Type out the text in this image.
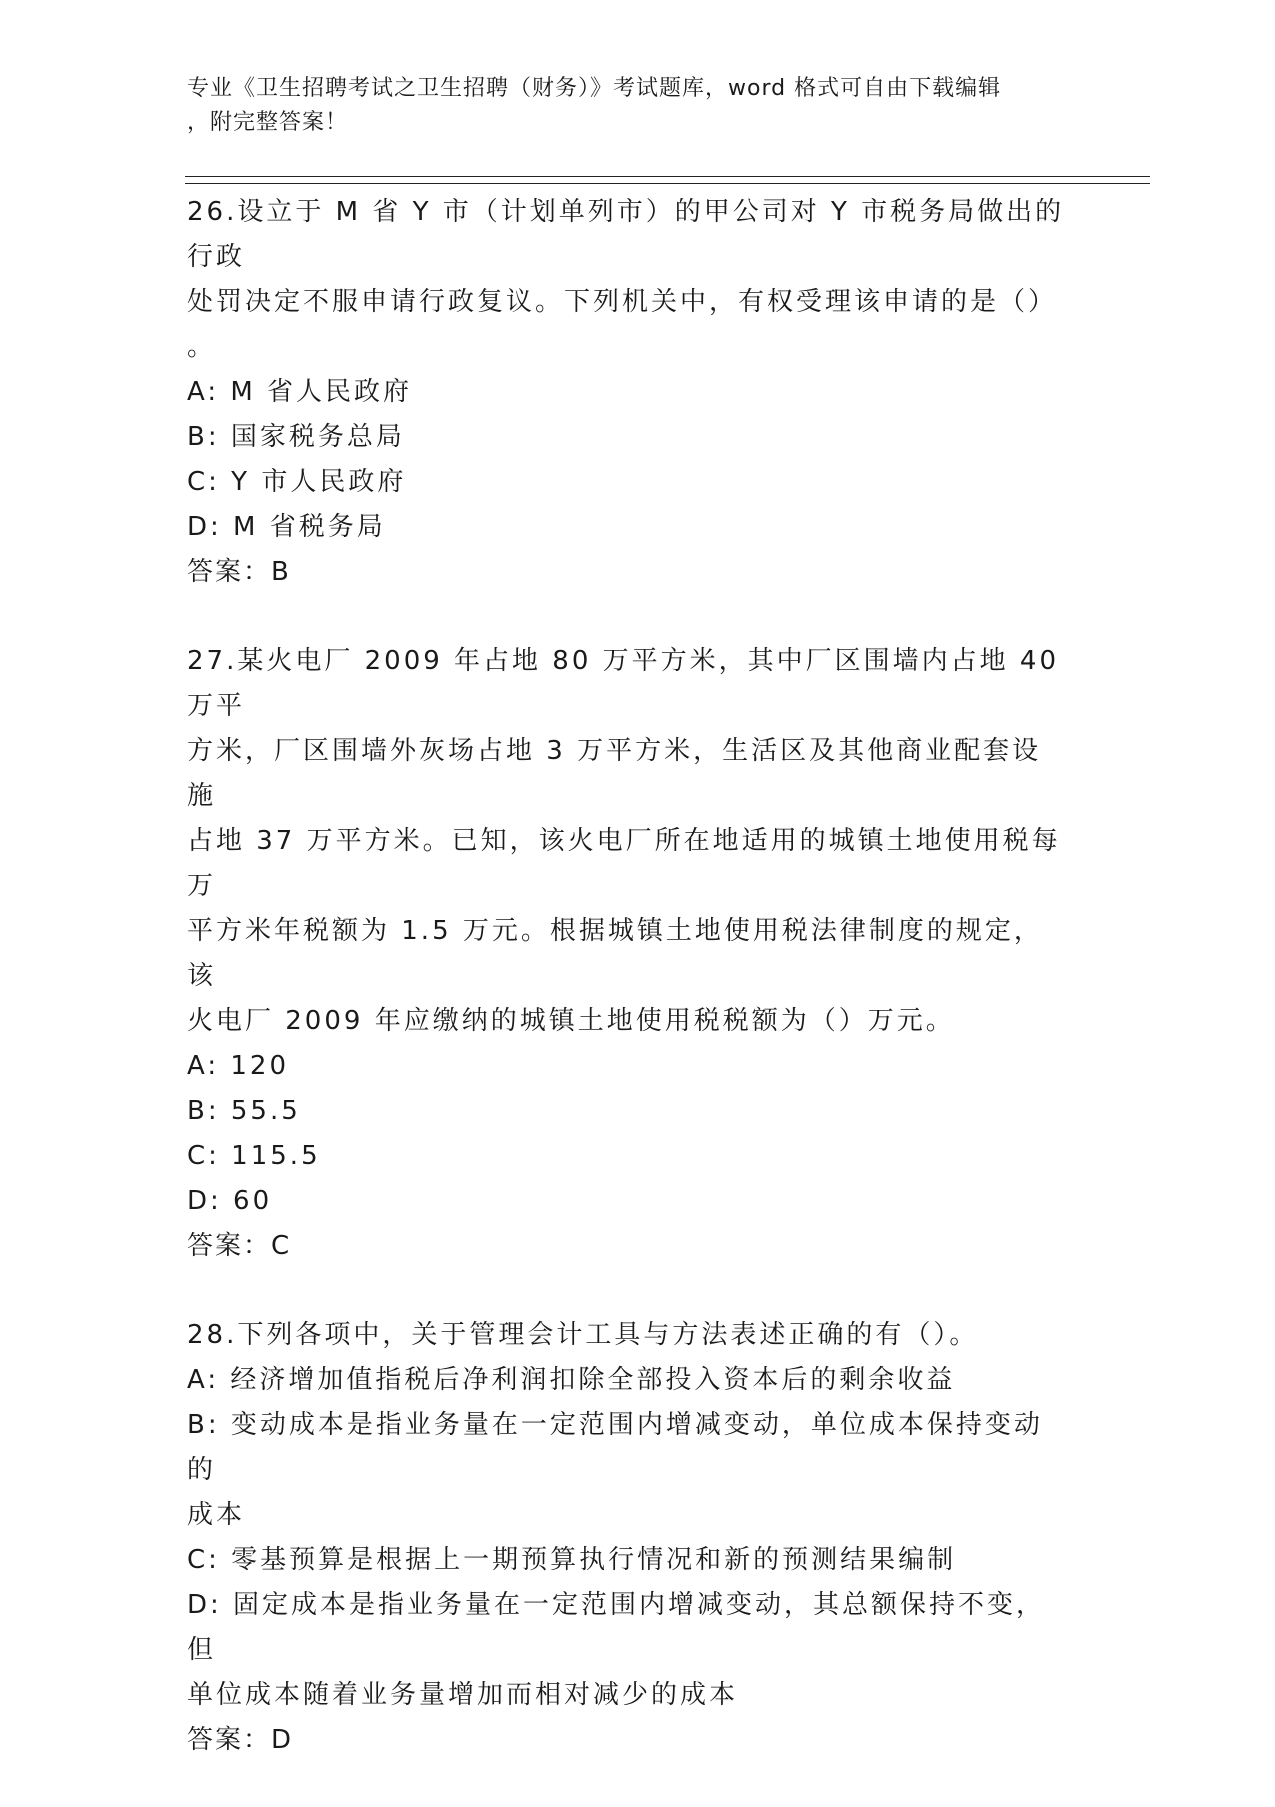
专业《卫生招聘考试之卫生招聘（财务）》考试题库，word 格式可自由下载编辑
，附完整答案！
26.设立于 M 省 Y 市（计划单列市）的甲公司对 Y 市税务局做出的行政
处罚决定不服申请行政复议。下列机关中，有权受理该申请的是（）
。
A: M 省人民政府
B: 国家税务总局
C: Y 市人民政府
D: M 省税务局
答案：B
27.某火电厂 2009 年占地 80 万平方米，其中厂区围墙内占地 40 万平
方米，厂区围墙外灰场占地 3 万平方米，生活区及其他商业配套设施
占地 37 万平方米。已知，该火电厂所在地适用的城镇土地使用税每万
平方米年税额为 1.5 万元。根据城镇土地使用税法律制度的规定，该
火电厂 2009 年应缴纳的城镇土地使用税税额为（）万元。
A: 120
B: 55.5
C: 115.5
D: 60
答案：C
28.下列各项中，关于管理会计工具与方法表述正确的有（）。
A: 经济增加值指税后净利润扣除全部投入资本后的剩余收益
B: 变动成本是指业务量在一定范围内增减变动，单位成本保持变动的
成本
C: 零基预算是根据上一期预算执行情况和新的预测结果编制
D: 固定成本是指业务量在一定范围内增减变动，其总额保持不变，但
单位成本随着业务量增加而相对减少的成本
答案：D
